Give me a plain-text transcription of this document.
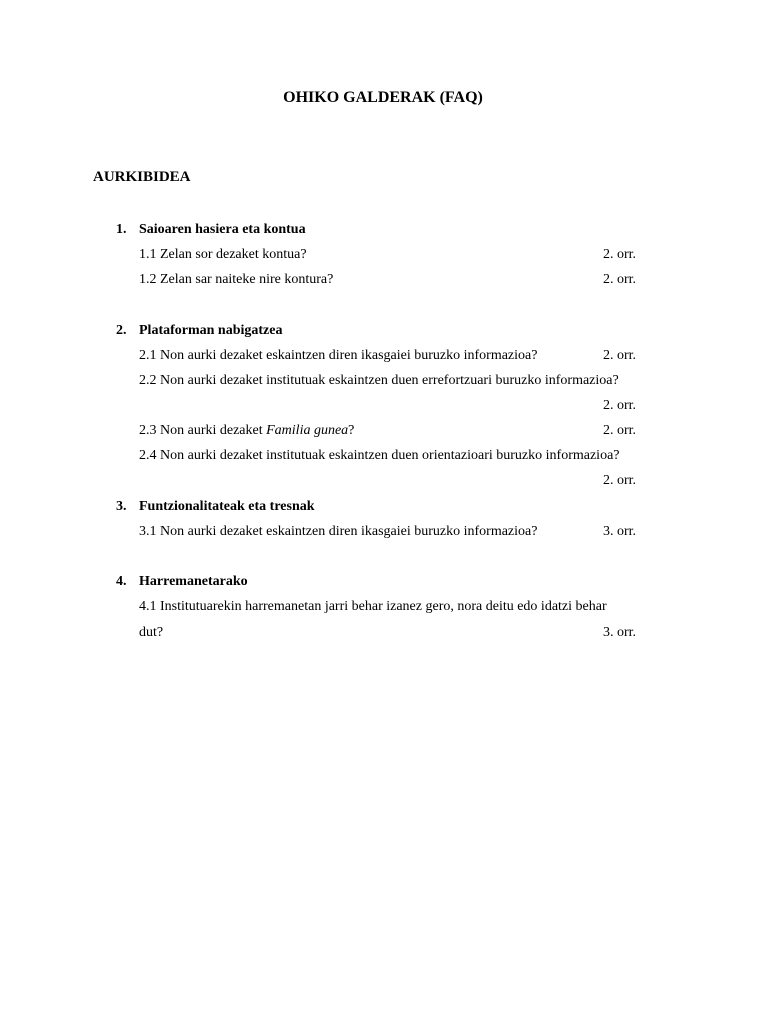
OHIKO GALDERAK (FAQ)
AURKIBIDEA
1. Saioaren hasiera eta kontua
1.1 Zelan sor dezaket kontua?	2. orr.
1.2 Zelan sar naiteke nire kontura?	2. orr.
2. Plataforman nabigatzea
2.1 Non aurki dezaket eskaintzen diren ikasgaiei buruzko informazioa?	2. orr.
2.2 Non aurki dezaket institutuak eskaintzen duen errefortzuari buruzko informazioa?
2. orr.
2.3 Non aurki dezaket Familia gunea?	2. orr.
2.4 Non aurki dezaket institutuak eskaintzen duen orientazioari buruzko informazioa?
2. orr.
3. Funtzionalitateak eta tresnak
3.1 Non aurki dezaket eskaintzen diren ikasgaiei buruzko informazioa?	3. orr.
4. Harremanetarako
4.1 Institutuarekin harremanetan jarri behar izanez gero, nora deitu edo idatzi behar
dut?	3. orr.
